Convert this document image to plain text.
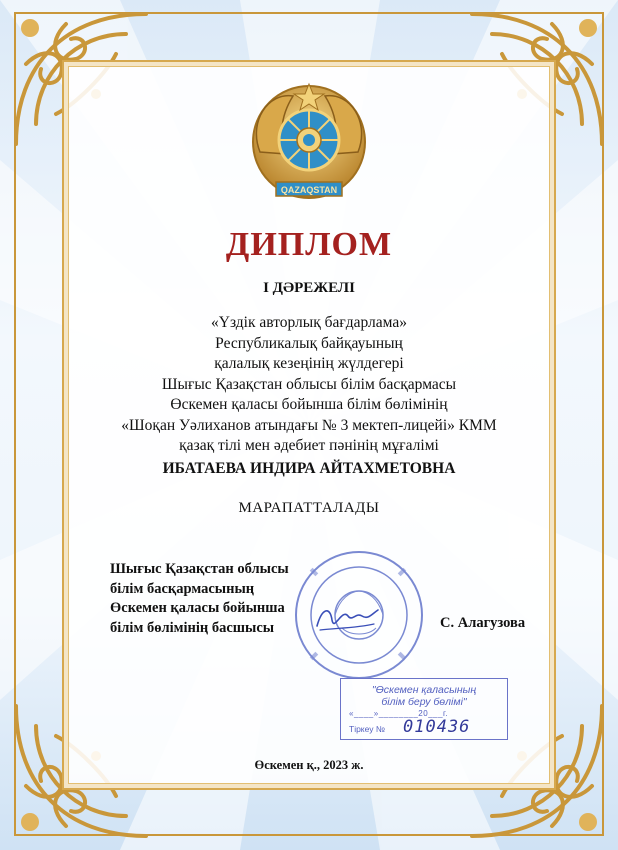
QAZAQSTAN
ДИПЛОМ
I ДӘРЕЖЕЛІ
«Үздік авторлық бағдарлама»
Республикалық байқауының
қалалық кезеңінің жүлдегері
Шығыс Қазақстан облысы білім басқармасы
Өскемен қаласы бойынша білім бөлімінің
«Шоқан Уәлиханов атындағы № 3 мектеп-лицейі» КММ
қазақ тілі мен әдебиет пәнінің мұғалімі
ИБАТАЕВА ИНДИРА АЙТАХМЕТОВНА
МАРАПАТТАЛАДЫ
Шығыс Қазақстан облысы
білім басқармасының
Өскемен қаласы бойынша
білім бөлімінің басшысы	С. Алагузова
"Өскемен қаласының
білім беру бөлімі"
«____»________20___г.
Тіркеу № 010436
Өскемен қ., 2023 ж.
